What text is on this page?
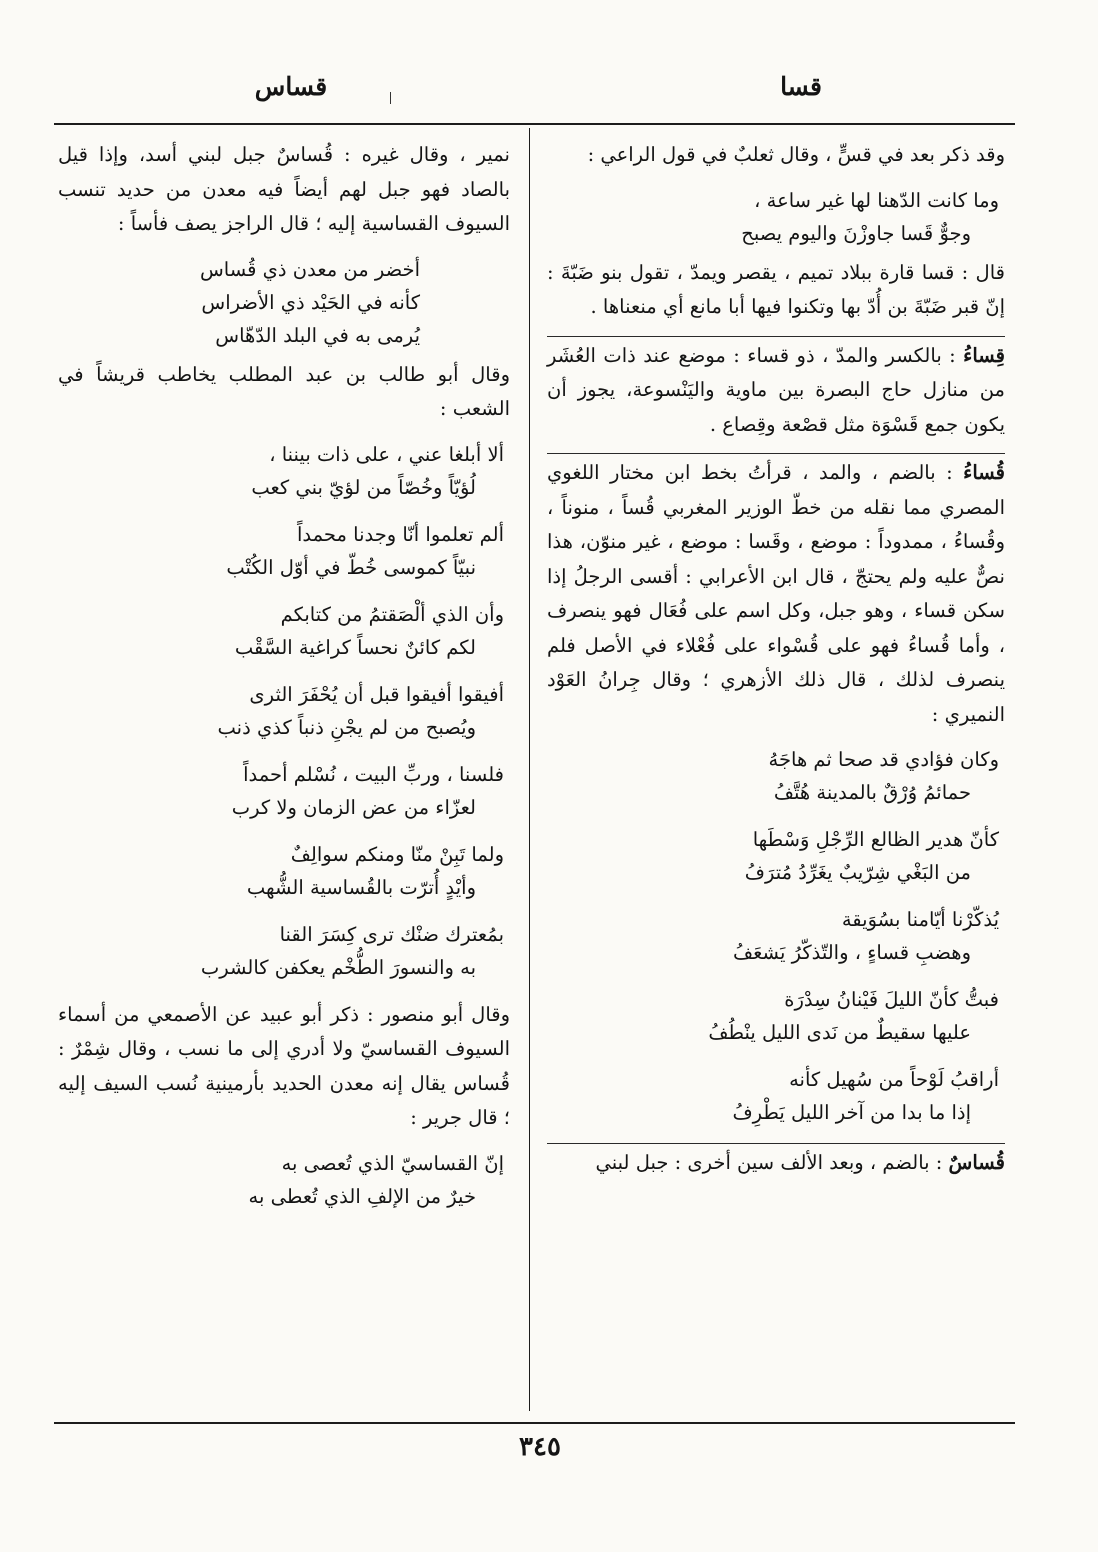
قسا
قساس

وقد ذكر بعد في قسٍّ ، وقال ثعلبٌ في قول الراعي :

وما كانت الدّهنا لها غير ساعة ،
وجوٌّ قَسا جاوزْنَ واليوم يصبح

قال : قسا قارة ببلاد تميم ، يقصر ويمدّ ، تقول بنو ضَبّةَ : إنّ قبر ضَبّةَ بن أُدّ بها وتكنوا فيها أبا مانع أي منعناها .

قِساءُ : بالكسر والمدّ ، ذو قساء : موضع عند ذات العُشَر من منازل حاج البصرة بين ماوية واليَنْسوعة، يجوز أن يكون جمع قَسْوَة مثل قصْعة وقِصاع .

قُساءُ : بالضم ، والمد ، قرأتُ بخط ابن مختار اللغوي المصري مما نقله من خطّ الوزير المغربي قُساً ، منوناً ، وقُساءُ ، ممدوداً : موضع ، وقَسا : موضع ، غير منوّن، هذا نصٌّ عليه ولم يحتجّ ، قال ابن الأعرابي : أقسى الرجلُ إذا سكن قساء ، وهو جبل، وكل اسم على فُعَال فهو ينصرف ، وأما قُساءُ فهو على قُسْواء على فُعْلاء في الأصل فلم ينصرف لذلك ، قال ذلك الأزهري ؛ وقال جِرانُ العَوْد النميري :

وكان فؤادي قد صحا ثم هاجَهُ
حمائمُ وُرْقٌ بالمدينة هُتَّفُ
كأنّ هدير الظالع الرِّجْلِ وَسْطَها
من البَغْي شِرّيبٌ يغَرِّدُ مُترَفُ
يُذكّرْنا أيّامنا بسُوَيقة
وهضبِ قساءٍ ، والتّذكّرُ يَشعَفُ
فبتُّ كأنّ الليلَ فَيْنانُ سِدْرَة
عليها سقيطٌ من نَدى الليل ينْطُفُ
أراقبُ لَوْحاً من سُهيل كأنه
إذا ما بدا من آخر الليل يَطْرِفُ

قُساسٌ : بالضم ، وبعد الألف سين أخرى : جبل لبني

نمير ، وقال غيره : قُساسٌ جبل لبني أسد، وإذا قيل بالصاد فهو جبل لهم أيضاً فيه معدن من حديد تنسب السيوف القساسية إليه ؛ قال الراجز يصف فأساً :

أخضر من معدن ذي قُساس
كأنه في الحَيْد ذي الأضراس
يُرمى به في البلد الدّهّاس

وقال أبو طالب بن عبد المطلب يخاطب قريشاً في الشعب :

ألا أبلغا عني ، على ذات بيننا ،
لُؤيّاً وخُصّاً من لؤيّ بني كعب
ألم تعلموا أنّا وجدنا محمداً
نبيّاً كموسى خُطّ في أوّل الكُتْب
وأن الذي ألْصَقتمُ من كتابكم
لكم كائنٌ نحساً كراغية السَّقْب
أفيقوا أفيقوا قبل أن يُحْفَرَ الثرى
ويُصبح من لم يجْنِ ذنباً كذي ذنب
فلسنا ، وربِّ البيت ، نُسْلم أحمداً
لعزّاء من عض الزمان ولا كرب
ولما تَبِنْ منّا ومنكم سوالِفٌ
وأيْدٍ أُترّت بالقُساسية الشُّهب
بمُعترك ضنْك ترى كِسَرَ القنا
به والنسورَ الطُّخْم يعكفن كالشرب

وقال أبو منصور : ذكر أبو عبيد عن الأصمعي من أسماء السيوف القساسيّ ولا أدري إلى ما نسب ، وقال شِمْرٌ : قُساس يقال إنه معدن الحديد بأرمينية نُسب السيف إليه ؛ قال جرير :

إنّ القساسيّ الذي تُعصى به
خيرٌ من الإلفِ الذي تُعطى به
٣٤٥
